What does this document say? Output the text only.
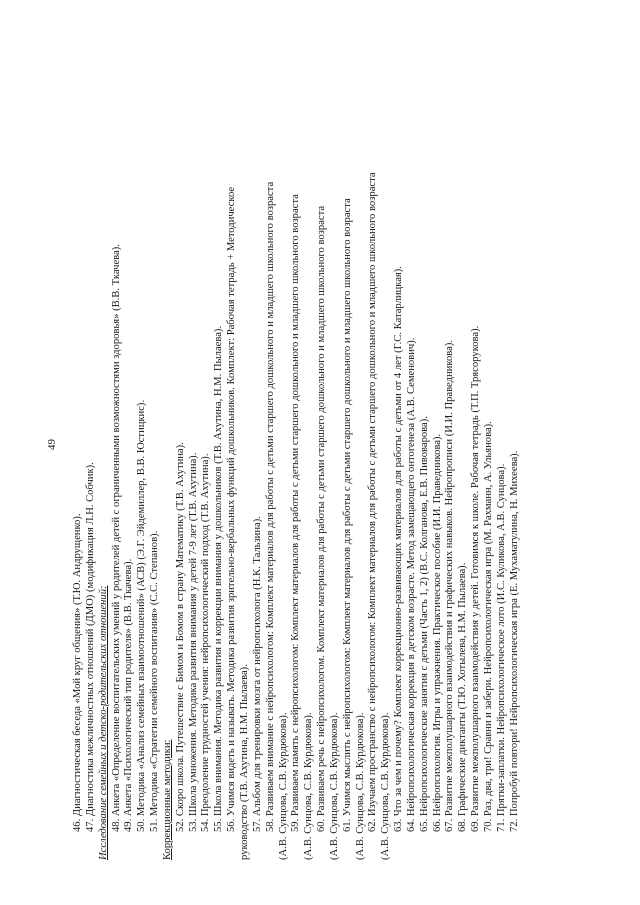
49
46. Диагностическая беседа «Мой круг общения» (Т.Ю. Андрущенко). 47. Диагностика межличностных отношений (ДМО) (модификация Л.Н. Собчик). Исследование семейных и детско-родительских отношений: 48. Анкета «Определение воспитательских умений у родителей детей с ограниченными возможностями здоровья» (В.В. Ткачева). 49. Анкета «Психологический тип родителя» (В.В. Ткачева). 50. Методика «Анализ семейных взаимоотношений» (АСВ) (Э.Г. Эйдемиллер, В.В. Юстицкис). 51. Методика «Стратегии семейного воспитания» (С.С. Степанов). Коррекционные методики: 52. Скоро школа. Путешествие с Бимом и Бомом в страну Математику (Т.В. Ахутина). 53. Школа умножения. Методика развития внимания у детей 7-9 лет (Т.В. Ахутина). 54. Преодоление трудностей учения: нейропсихологический подход (Т.В. Ахутина). 55. Школа внимания. Методика развития и коррекции внимания у дошкольников (Т.В. Ахутина, Н.М. Пылаева). 56. Учимся видеть и называть. Методика развития зрительно-вербальных функций дошкольников. Комплект: Рабочая тетрадь + Методическое руководство (Т.В. Ахутина, Н.М. Пылаева). 57. Альбом для тренировки мозга от нейропсихолога (Н.К. Тальзина). 58. Развиваем внимание с нейропсихологом: Комплект материалов для работы с детьми старшего дошкольного и младшего школьного возраста (А.В. Сунцова, С.В. Курдюкова). 59. Развиваем память с нейропсихологом: Комплект материалов для работы с детьми старшего дошкольного и младшего школьного возраста (А.В. Сунцова, С.В. Курдюкова). 60. Развиваем речь с нейропсихологом. Комплект материалов для работы с детьми старшего дошкольного и младшего школьного возраста (А.В. Сунцова, С.В. Курдюкова). 61. Учимся мыслить с нейропсихологом: Комплект материалов для работы с детьми старшего дошкольного и младшего школьного возраста (А.В. Сунцова, С.В. Курдюкова). 62. Изучаем пространство с нейропсихологом: Комплект материалов для работы с детьми старшего дошкольного и младшего школьного возраста (А.В. Сунцова, С.В. Курдюкова). 63. Что за чем и почему? Комплект коррекционно-развивающих материалов для работы с детьми от 4 лет (Г.С. Катарлицкая). 64. Нейропсихологическая коррекция в детском возрасте. Метод замещающего онтогенеза (А.В. Семенович). 65. Нейропсихологические занятия с детьми (Часть 1, 2) (В.С. Колганова, Е.В. Пивоварова). 66. Нейропсихология. Игры и упражнения. Практическое пособие (И.И. Праведникова). 67. Развитие межполушарного взаимодействия и графических навыков. Нейропрописи (И.И. Праведникова). 68. Графические диктанты (Т.Ю. Хотылева, Н.М. Пылаева). 69. Развитие межполушарного взаимодействия у детей. Готовимся к школе. Рабочая тетрадь (Т.П. Трясорукова). 70. Раз, два, три! Сравни и забери. Нейропсихологическая игра (М. Рахманн, А. Ульянова). 71. Прятки-заплатки. Нейропсихологическое лото (И.С. Куликова, А.В. Сунцова). 72. Попробуй повтори! Нейропсихологическая игра (Е. Мухаматулина, Н. Михеева).
